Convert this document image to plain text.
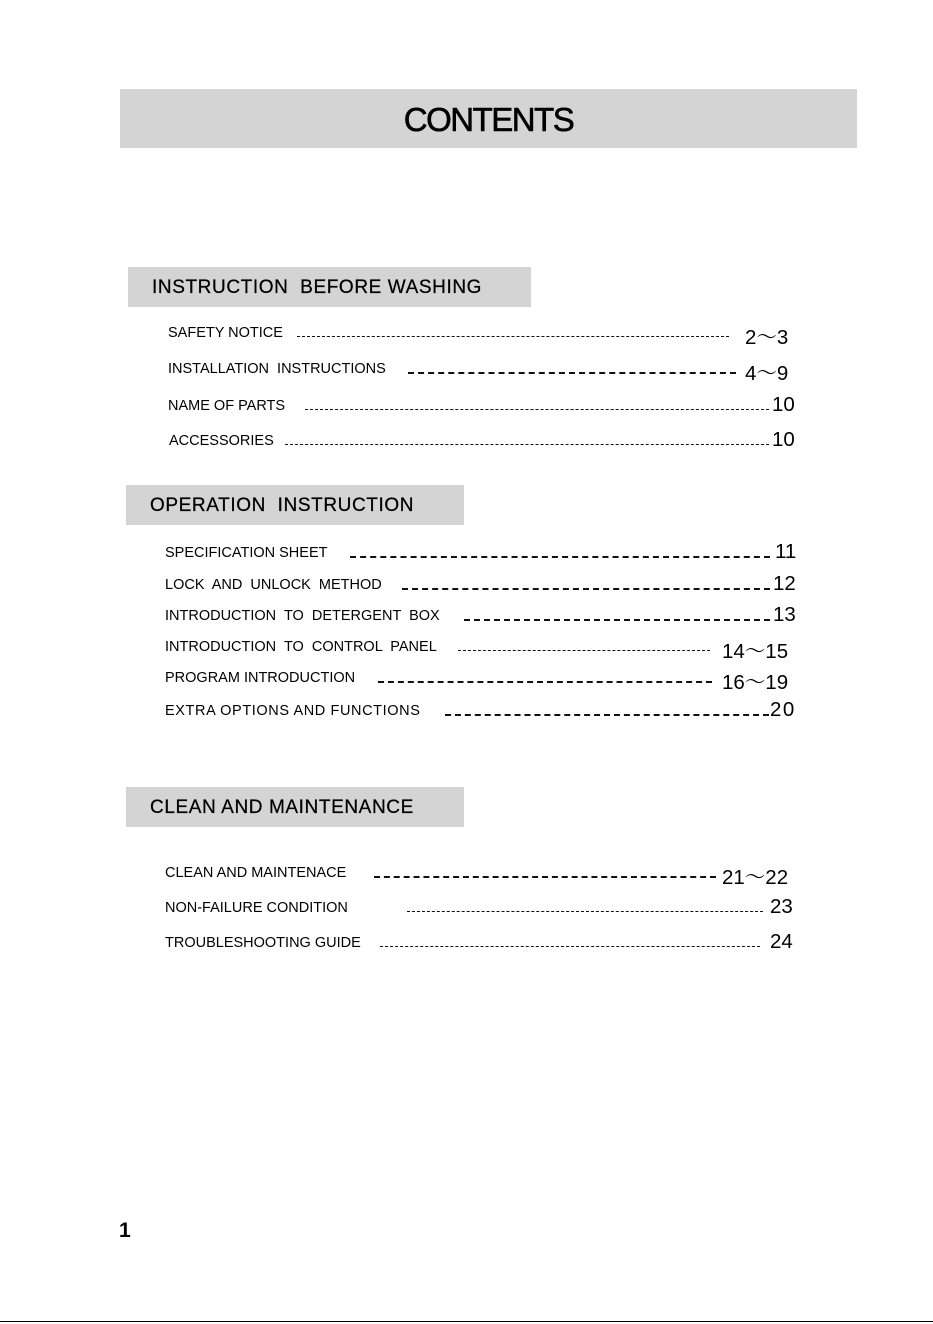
CONTENTS
INSTRUCTION  BEFORE WASHING
SAFETY NOTICE	2～3
INSTALLATION  INSTRUCTIONS	4～9
NAME OF PARTS	10
ACCESSORIES	10
OPERATION  INSTRUCTION
SPECIFICATION SHEET	11
LOCK  AND  UNLOCK  METHOD	12
INTRODUCTION  TO  DETERGENT  BOX	13
INTRODUCTION  TO  CONTROL  PANEL	14～15
PROGRAM INTRODUCTION	16～19
EXTRA OPTIONS AND FUNCTIONS	20
CLEAN AND MAINTENANCE
CLEAN AND MAINTENACE	21～22
NON-FAILURE CONDITION	23
TROUBLESHOOTING GUIDE	24
1
